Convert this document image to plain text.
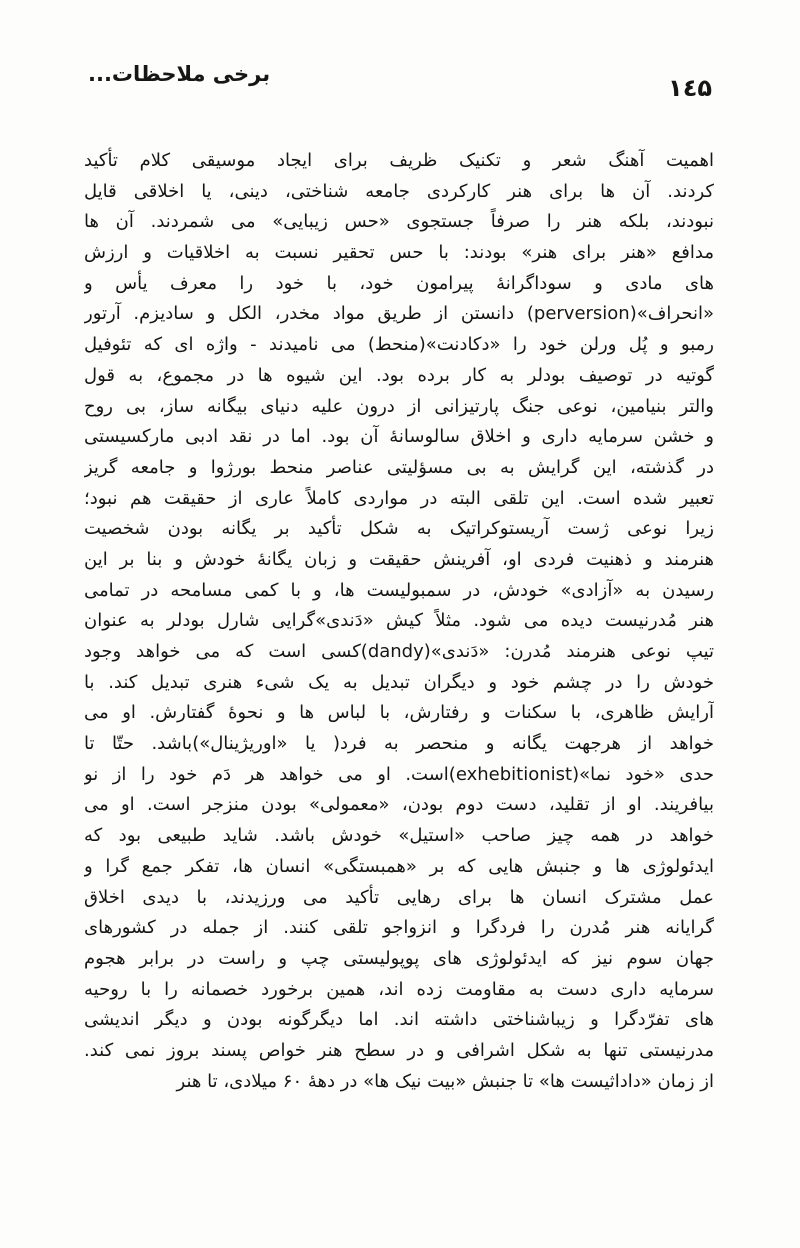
۱٤۵
برخی ملاحظات...
اهمیت آهنگ شعر و تکنیک ظریف برای ایجاد موسیقی کلام تأکید
کردند. آن ها برای هنر کارکردی جامعه شناختی، دینی، یا اخلاقی قایل
نبودند، بلکه هنر را صرفاً جستجوی «حس زیبایی» می شمردند. آن ها
مدافع «هنر برای هنر» بودند: با حس تحقیر نسبت به اخلاقیات و ارزش
های مادی و سوداگرانهٔ پیرامون خود، با خود را معرف یأس و
«انحراف»(perversion) دانستن از طریق مواد مخدر، الکل و سادیزم. آرتور
رمبو و پُل ورلن خود را «دکادنت»(منحط) می نامیدند - واژه ای که تئوفیل
گوتیه در توصیف بودلر به کار برده بود. این شیوه ها در مجموع، به قول
والتر بنیامین، نوعی جنگ پارتیزانی از درون علیه دنیای بیگانه ساز، بی روح
و خشن سرمایه داری و اخلاق سالوسانهٔ آن بود. اما در نقد ادبی مارکسیستی
در گذشته، این گرایش به بی مسؤلیتی عناصر منحط بورژوا و جامعه گریز
تعبیر شده است. این تلقی البته در مواردی کاملاً عاری از حقیقت هم نبود؛
زیرا نوعی ژست آریستوکراتیک به شکل تأکید بر یگانه بودن شخصیت
هنرمند و ذهنیت فردی او، آفرینش حقیقت و زبان یگانهٔ خودش و بنا بر این
رسیدن به «آزادی» خودش، در سمبولیست ها، و با کمی مسامحه در تمامی
هنر مُدرنیست دیده می شود. مثلاً کیش «دَندی»گرایی شارل بودلر به عنوان
تیپ نوعی هنرمند مُدرن: «دَندی»(dandy)کسی است که می خواهد وجود
خودش را در چشم خود و دیگران تبدیل به یک شیء هنری تبدیل کند. با
آرایش ظاهری، با سکنات و رفتارش، با لباس ها و نحوهٔ گفتارش. او می
خواهد از هرجهت یگانه و منحصر به فرد( یا «اوریژینال»)باشد. حتّا تا
حدی «خود نما»(exhebitionist)است. او می خواهد هر دَم خود را از نو
بیافریند. او از تقلید، دست دوم بودن، «معمولی» بودن منزجر است. او می
خواهد در همه چیز صاحب «استیل» خودش باشد. شاید طبیعی بود که
ایدئولوژی ها و جنبش هایی که بر «همبستگی» انسان ها، تفکر جمع گرا و
عمل مشترک انسان ها برای رهایی تأکید می ورزیدند، با دیدی اخلاق
گرایانه هنر مُدرن را فردگرا و انزواجو تلقی کنند. از جمله در کشورهای
جهان سوم نیز که ایدئولوژی های پوپولیستی چپ و راست در برابر هجوم
سرمایه داری دست به مقاومت زده اند، همین برخورد خصمانه را با روحیه
های تفرّدگرا و زیباشناختی داشته اند. اما دیگرگونه بودن و دیگر اندیشی
مدرنیستی تنها به شکل اشرافی و در سطح هنر خواص پسند بروز نمی کند.
از زمان «داداثیست ها» تا جنبش «بیت نیک ها» در دههٔ ۶۰ میلادی، تا هنر
